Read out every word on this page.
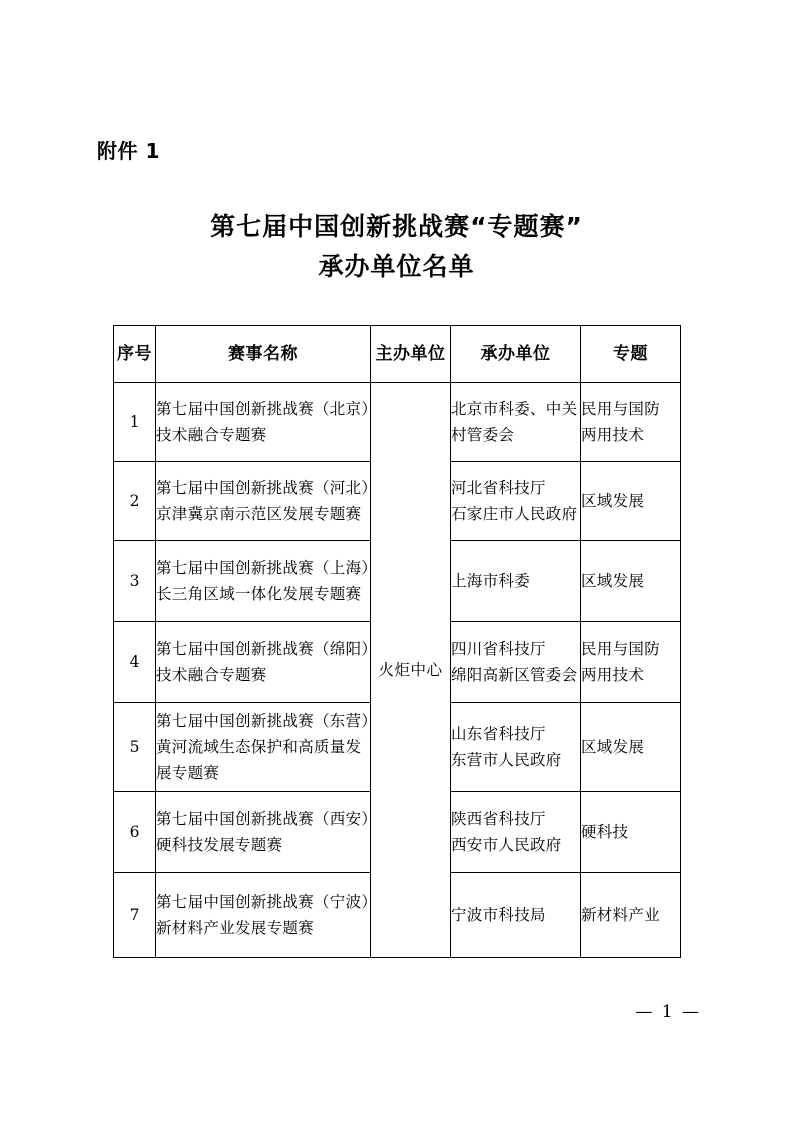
附件 1
第七届中国创新挑战赛“专题赛”
承办单位名单
序号	赛事名称	主办单位	承办单位	专题
1	第七届中国创新挑战赛（北京）
技术融合专题赛	火炬中心	北京市科委、中关
村管委会	民用与国防
两用技术

2	第七届中国创新挑战赛（河北）
京津冀京南示范区发展专题赛		河北省科技厅
石家庄市人民政府	区域发展

3	第七届中国创新挑战赛（上海）
长三角区域一体化发展专题赛		上海市科委	区域发展

4	第七届中国创新挑战赛（绵阳）
技术融合专题赛		四川省科技厅
绵阳高新区管委会	民用与国防
两用技术

5	第七届中国创新挑战赛（东营）
黄河流域生态保护和高质量发
展专题赛		山东省科技厅
东营市人民政府	区域发展

6	第七届中国创新挑战赛（西安）
硬科技发展专题赛		陕西省科技厅
西安市人民政府	硬科技

7	第七届中国创新挑战赛（宁波）
新材料产业发展专题赛		宁波市科技局	新材料产业
— 1 —
